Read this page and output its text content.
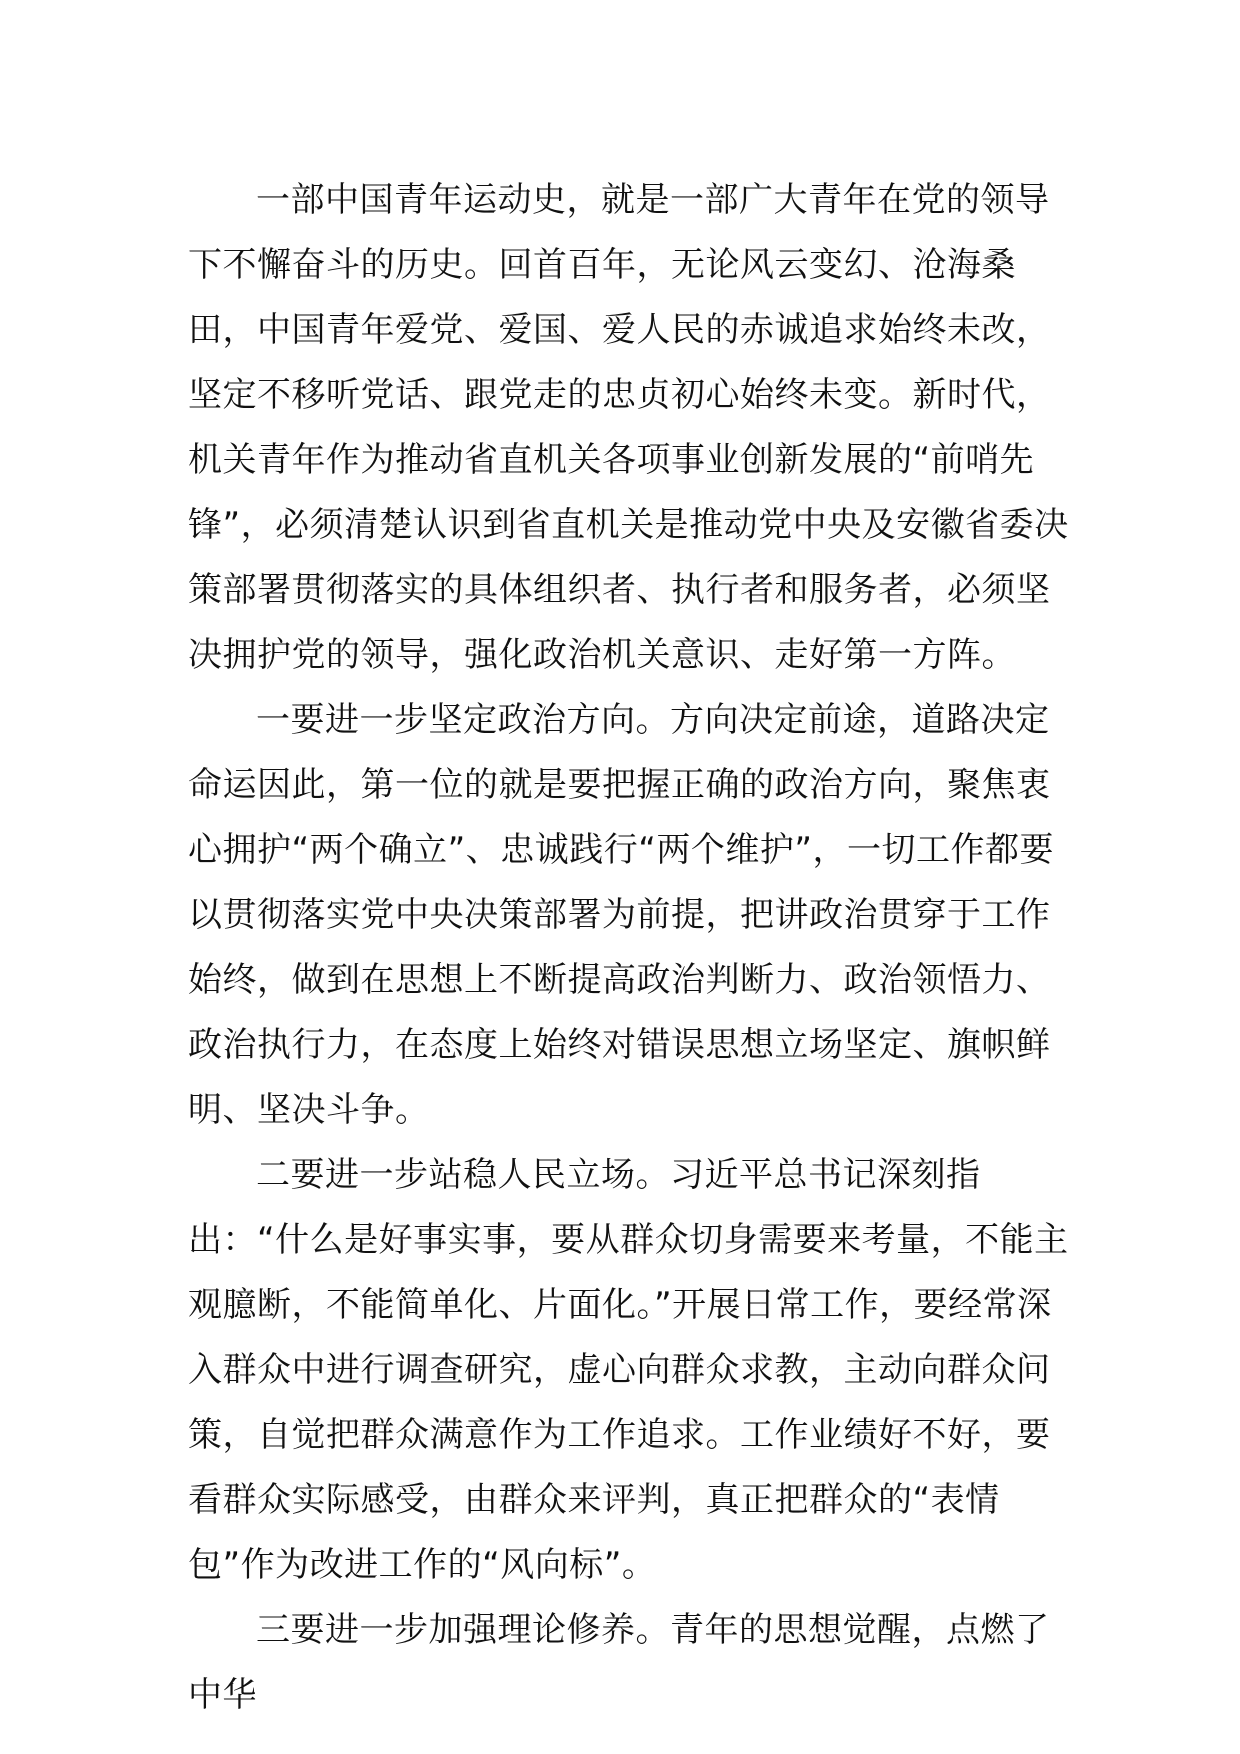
一部中国青年运动史，就是一部广大青年在党的领导下不懈奋斗的历史。回首百年，无论风云变幻、沧海桑田，中国青年爱党、爱国、爱人民的赤诚追求始终未改，坚定不移听党话、跟党走的忠贞初心始终未变。新时代，机关青年作为推动省直机关各项事业创新发展的“前哨先锋”，必须清楚认识到省直机关是推动党中央及安徽省委决策部署贯彻落实的具体组织者、执行者和服务者，必须坚决拥护党的领导，强化政治机关意识、走好第一方阵。

一要进一步坚定政治方向。方向决定前途，道路决定命运因此，第一位的就是要把握正确的政治方向，聚焦衷心拥护“两个确立”、忠诚践行“两个维护”，一切工作都要以贯彻落实党中央决策部署为前提，把讲政治贯穿于工作始终，做到在思想上不断提高政治判断力、政治领悟力、政治执行力，在态度上始终对错误思想立场坚定、旗帜鲜明、坚决斗争。

二要进一步站稳人民立场。习近平总书记深刻指出：“什么是好事实事，要从群众切身需要来考量，不能主观臆断，不能简单化、片面化。”开展日常工作，要经常深入群众中进行调查研究，虚心向群众求教，主动向群众问策，自觉把群众满意作为工作追求。工作业绩好不好，要看群众实际感受，由群众来评判，真正把群众的“表情包”作为改进工作的“风向标”。

三要进一步加强理论修养。青年的思想觉醒，点燃了中华
